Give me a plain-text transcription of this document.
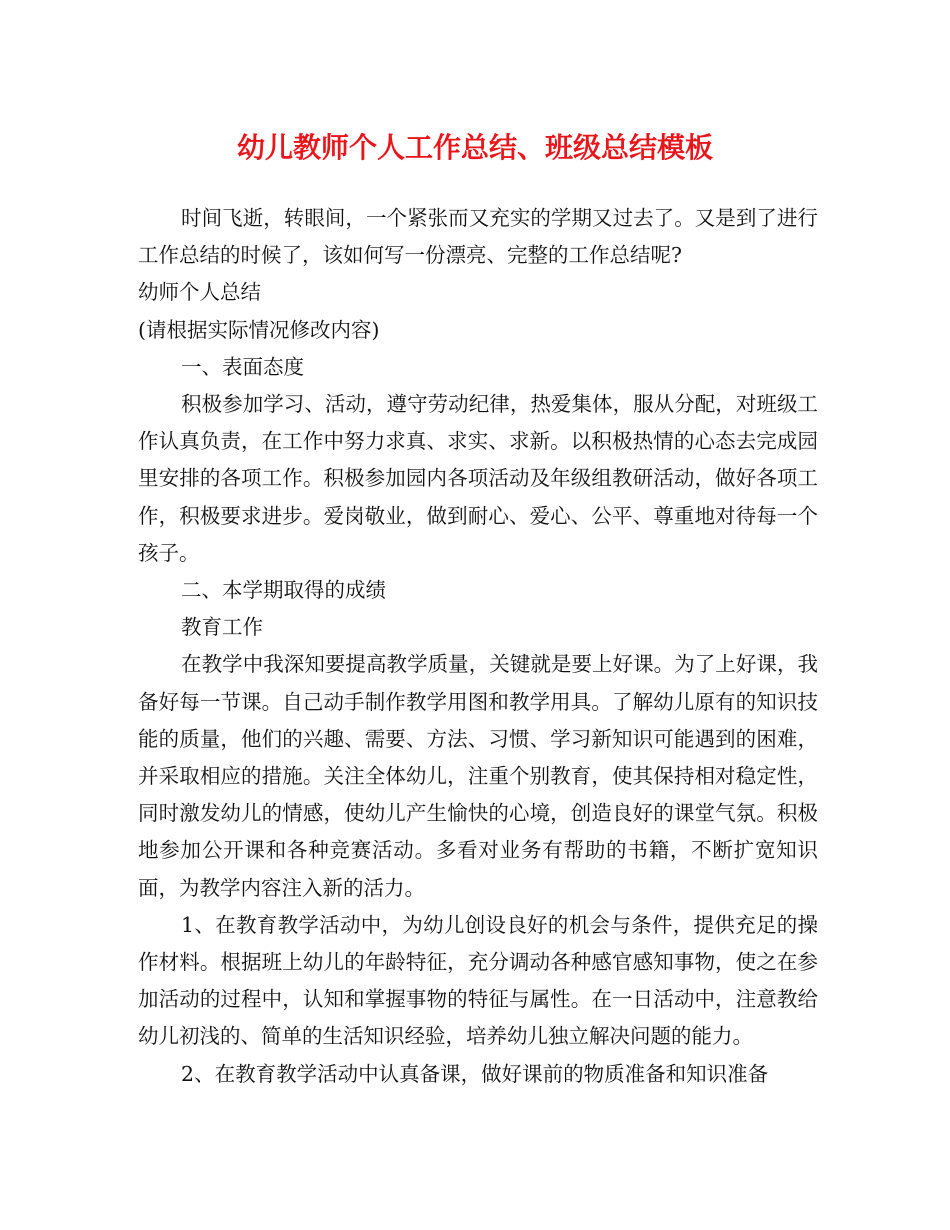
幼儿教师个人工作总结、班级总结模板

时间飞逝，转眼间，一个紧张而又充实的学期又过去了。又是到了进行工作总结的时候了，该如何写一份漂亮、完整的工作总结呢?

幼师个人总结

(请根据实际情况修改内容)

一、表面态度

积极参加学习、活动，遵守劳动纪律，热爱集体，服从分配，对班级工作认真负责，在工作中努力求真、求实、求新。以积极热情的心态去完成园里安排的各项工作。积极参加园内各项活动及年级组教研活动，做好各项工作，积极要求进步。爱岗敬业，做到耐心、爱心、公平、尊重地对待每一个孩子。

二、本学期取得的成绩

教育工作

在教学中我深知要提高教学质量，关键就是要上好课。为了上好课，我备好每一节课。自己动手制作教学用图和教学用具。了解幼儿原有的知识技能的质量，他们的兴趣、需要、方法、习惯、学习新知识可能遇到的困难，并采取相应的措施。关注全体幼儿，注重个别教育，使其保持相对稳定性，同时激发幼儿的情感，使幼儿产生愉快的心境，创造良好的课堂气氛。积极地参加公开课和各种竞赛活动。多看对业务有帮助的书籍，不断扩宽知识面，为教学内容注入新的活力。

1、在教育教学活动中，为幼儿创设良好的机会与条件，提供充足的操作材料。根据班上幼儿的年龄特征，充分调动各种感官感知事物，使之在参加活动的过程中，认知和掌握事物的特征与属性。在一日活动中，注意教给幼儿初浅的、简单的生活知识经验，培养幼儿独立解决问题的能力。

2、在教育教学活动中认真备课，做好课前的物质准备和知识准备
